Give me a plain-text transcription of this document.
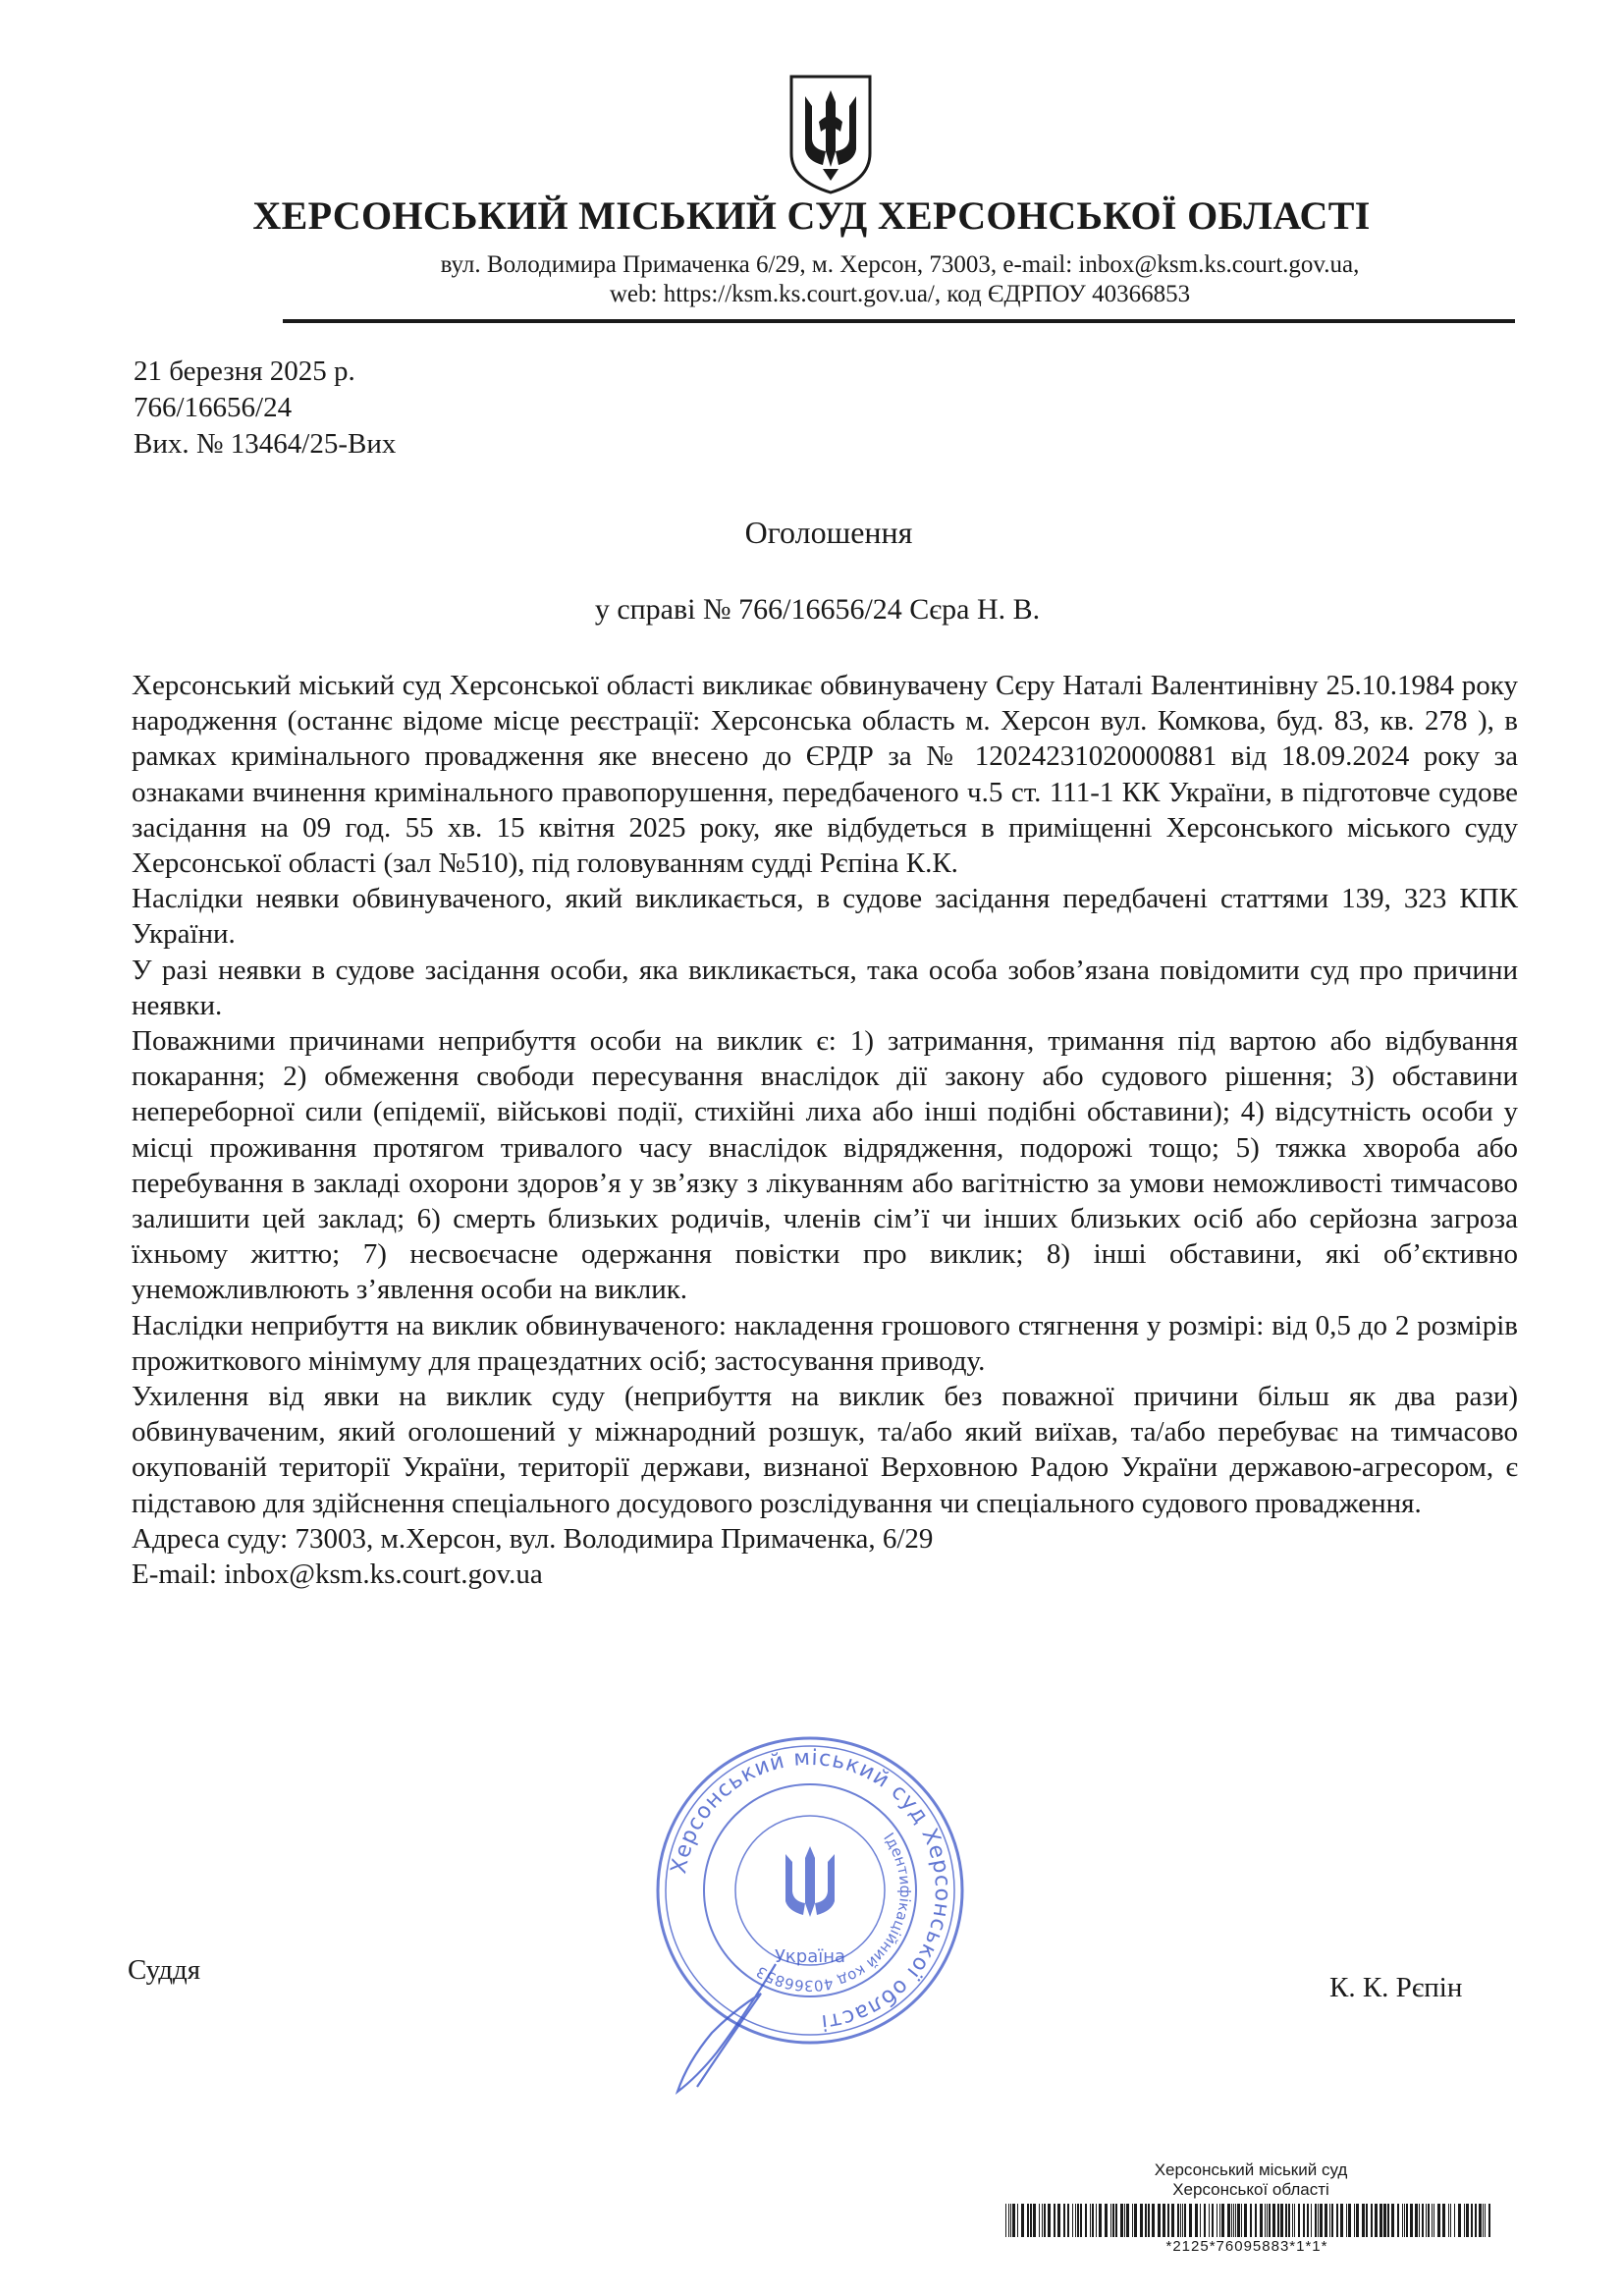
ХЕРСОНСЬКИЙ МІСЬКИЙ СУД ХЕРСОНСЬКОЇ ОБЛАСТІ
вул. Володимира Примаченка 6/29, м. Херсон, 73003, e-mail: inbox@ksm.ks.court.gov.ua,
web: https://ksm.ks.court.gov.ua/, код ЄДРПОУ 40366853
21 березня 2025 р.
766/16656/24
Вих. № 13464/25-Вих
Оголошення
у справі № 766/16656/24 Сєра Н. В.

Херсонський міський суд Херсонської області викликає обвинувачену Сєру Наталі Валентинівну 25.10.1984 року народження (останнє відоме місце реєстрації: Херсонська область м. Херсон вул. Комкова, буд. 83, кв. 278 ), в рамках кримінального провадження яке внесено до ЄРДР за № 12024231020000881 від 18.09.2024 року за ознаками вчинення кримінального правопорушення, передбаченого ч.5 ст. 111-1 КК України, в підготовче судове засідання на 09 год. 55 хв. 15 квітня 2025 року, яке відбудеться в приміщенні Херсонського міського суду Херсонської області (зал №510), під головуванням судді Рєпіна К.К.

Наслідки неявки обвинуваченого, який викликається, в судове засідання передбачені статтями 139, 323 КПК України.

У разі неявки в судове засідання особи, яка викликається, така особа зобов’язана повідомити суд про причини неявки.

Поважними причинами неприбуття особи на виклик є: 1) затримання, тримання під вартою або відбування покарання; 2) обмеження свободи пересування внаслідок дії закону або судового рішення; 3) обставини непереборної сили (епідемії, військові події, стихійні лиха або інші подібні обставини); 4) відсутність особи у місці проживання протягом тривалого часу внаслідок відрядження, подорожі тощо; 5) тяжка хвороба або перебування в закладі охорони здоров’я у зв’язку з лікуванням або вагітністю за умови неможливості тимчасово залишити цей заклад; 6) смерть близьких родичів, членів сім’ї чи інших близьких осіб або серйозна загроза їхньому життю; 7) несвоєчасне одержання повістки про виклик; 8) інші обставини, які об’єктивно унеможливлюють з’явлення особи на виклик.

Наслідки неприбуття на виклик обвинуваченого: накладення грошового стягнення у розмірі: від 0,5 до 2 розмірів прожиткового мінімуму для працездатних осіб; застосування приводу.

Ухилення від явки на виклик суду (неприбуття на виклик без поважної причини більш як два рази) обвинуваченим, який оголошений у міжнародний розшук, та/або який виїхав, та/або перебуває на тимчасово окупованій території України, території держави, визнаної Верховною Радою України державою-агресором, є підставою для здійснення спеціального досудового розслідування чи спеціального судового провадження.

Адреса суду: 73003, м.Херсон, вул. Володимира Примаченка, 6/29

E-mail: inbox@ksm.ks.court.gov.ua

Херсонський міський суд Херсонської області
Ідентифікаційний код 40366853
Україна
Суддя
К. К. Рєпін
Херсонський міський суд
Херсонської області
*2125*76095883*1*1*
